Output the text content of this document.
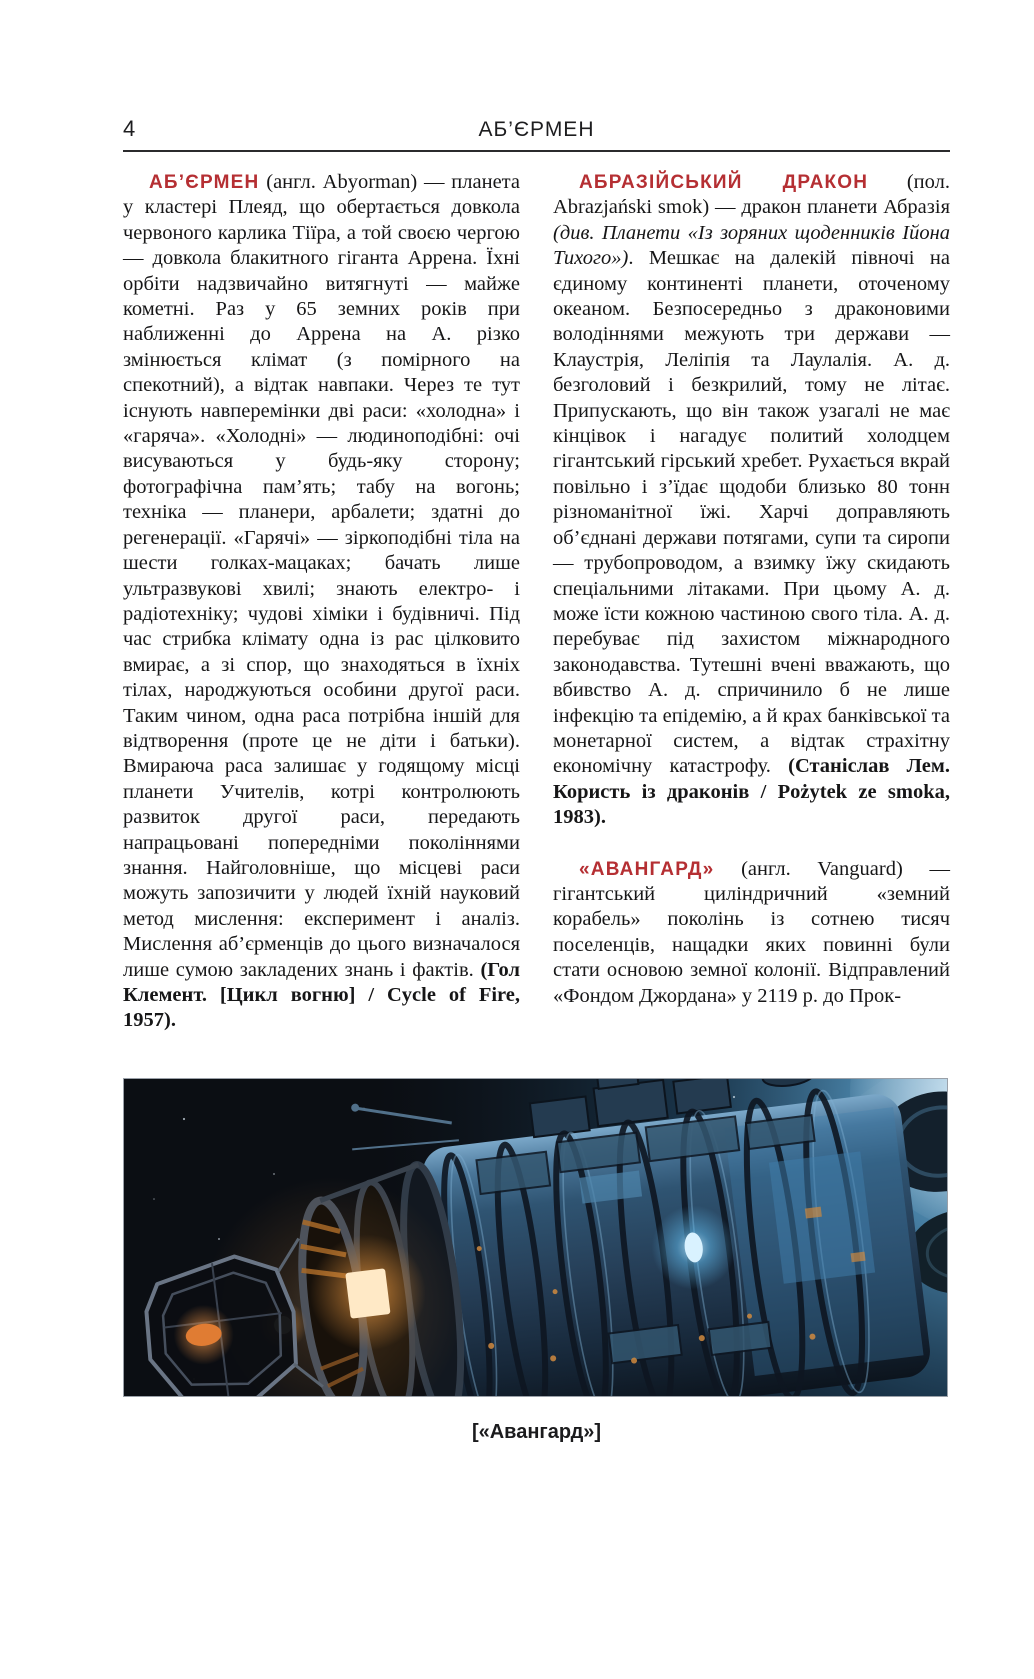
4	АБ’ЄРМЕН

АБ’ЄРМЕН (англ. Abyorman) — планета у кластері Плеяд, що обертається довкола червоного карлика Тіїра, а той своєю чергою — довкола блакитного гіганта Аррена. Їхні орбіти надзвичайно витягнуті — майже кометні. Раз у 65 земних років при наближенні до Аррена на А. різко змінюється клімат (з помірного на спекотний), а відтак навпаки. Через те тут існують навперемінки дві раси: «холодна» і «гаряча». «Холодні» — людиноподібні: очі висуваються у будь-яку сторону; фотографічна пам’ять; табу на вогонь; техніка — планери, арбалети; здатні до регенерації. «Гарячі» — зіркоподібні тіла на шести голках-мацаках; бачать лише ультразвукові хвилі; знають електро- і радіотехніку; чудові хіміки і будівничі. Під час стрибка клімату одна із рас цілковито вмирає, а зі спор, що знаходяться в їхніх тілах, народжуються особини другої раси. Таким чином, одна раса потрібна іншій для відтворення (проте це не діти і батьки). Вмираюча раса залишає у годящому місці планети Учителів, котрі контролюють развиток другої раси, передають напрацьовані попередніми поколіннями знання. Найголовніше, що місцеві раси можуть запозичити у людей їхній науковий метод мислення: експеримент і аналіз. Мислення аб’єрменців до цього визначалося лише сумою закладених знань і фактів. (Гол Клемент. [Цикл вогню] / Cycle of Fire, 1957).

АБРАЗІЙСЬКИЙ ДРАКОН (пол. Abrazjański smok) — дракон планети Абразія (див. Планети «Із зоряних щоденників Ійона Тихого»). Мешкає на далекій півночі на єдиному континенті планети, оточеному океаном. Безпосередньо з драконовими володіннями межують три держави — Клаустрія, Леліпія та Лаулалія. А. д. безголовий і безкрилий, тому не літає. Припускають, що він також узагалі не має кінцівок і нагадує политий холодцем гігантський гірський хребет. Рухається вкрай повільно і з’їдає щодоби близько 80 тонн різноманітної їжі. Харчі доправляють об’єднані держави потягами, супи та сиропи — трубопроводом, а взимку їжу скидають спеціальними літаками. При цьому А. д. може їсти кожною частиною свого тіла. А. д. перебуває під захистом міжнародного законодавства. Тутешні вчені вважають, що вбивство А. д. спричинило б не лише інфекцію та епідемію, а й крах банківської та монетарної систем, а відтак страхітну економічну катастрофу. (Станіслав Лем. Користь із драконів / Pożytek ze smoka, 1983).

«АВАНГАРД» (англ. Vanguard) — гігантський циліндричний «земний корабель» поколінь із сотнею тисяч поселенців, нащадки яких повинні були стати основою земної колонії. Відправлений «Фондом Джордана» у 2119 р. до Прок-

[«Авангард»]
